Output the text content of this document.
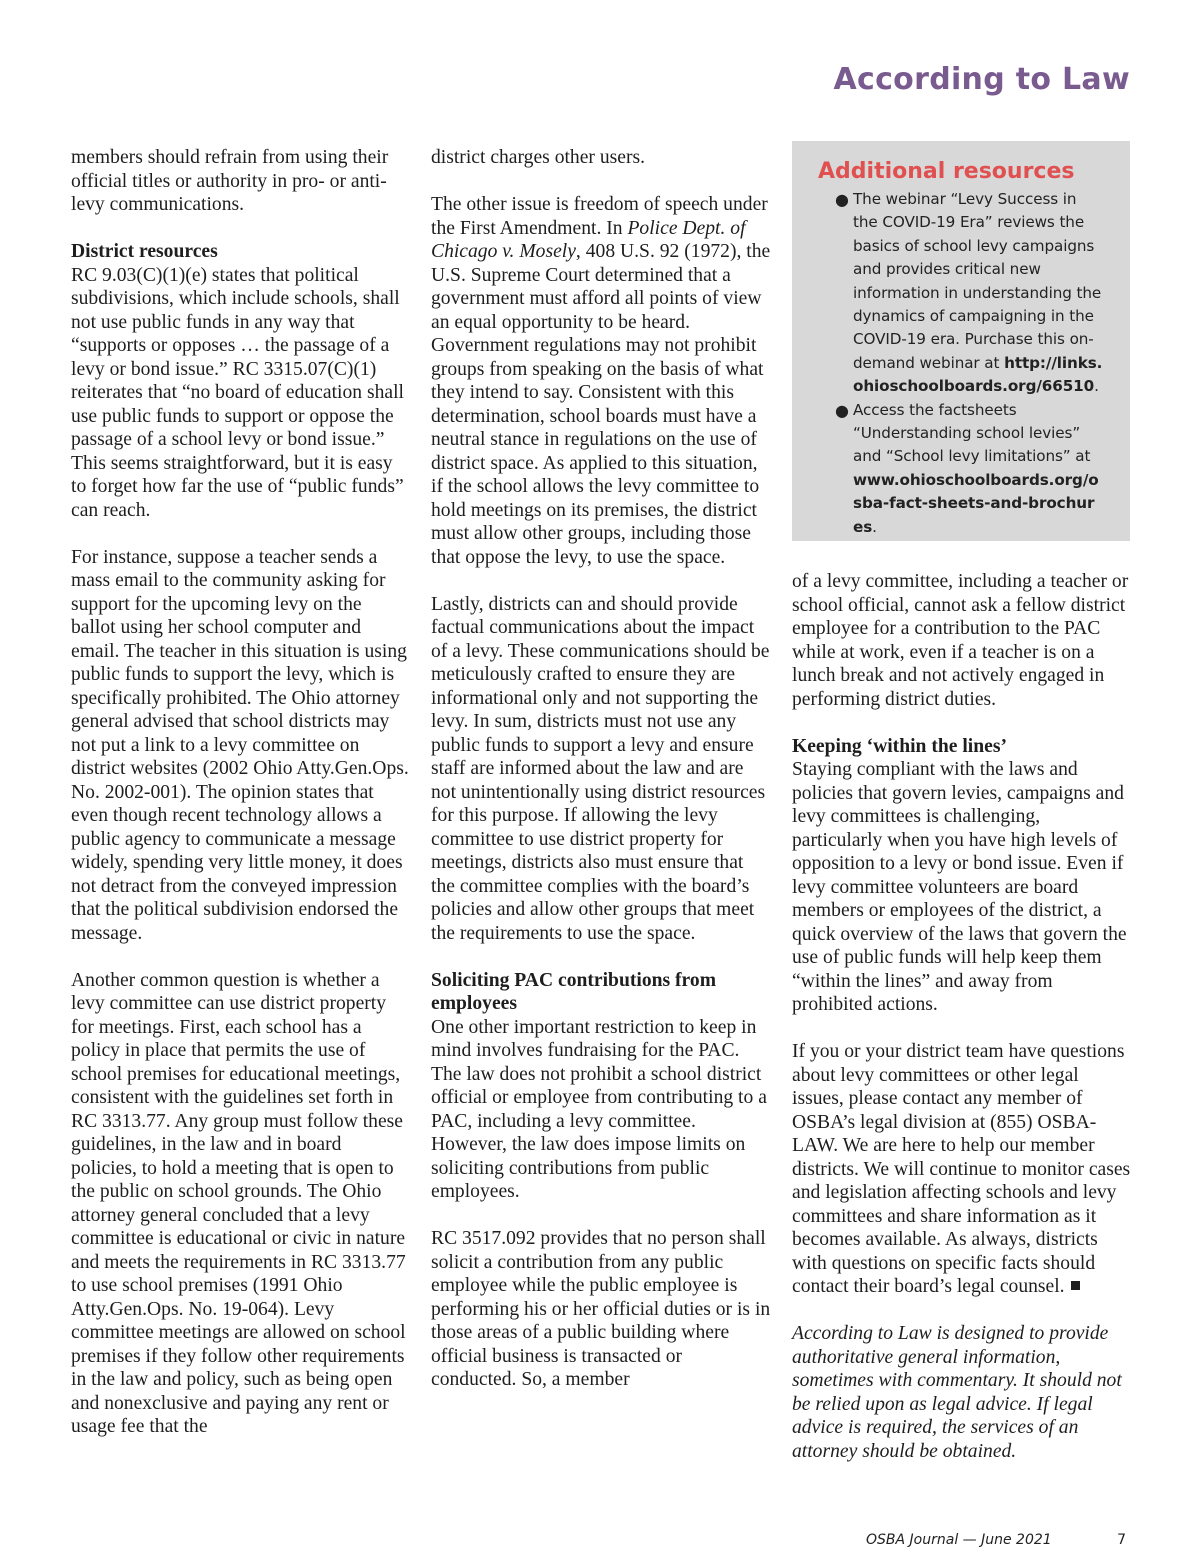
According to Law

members should refrain from using their official titles or authority in pro- or anti-levy communications.

District resources

RC 9.03(C)(1)(e) states that political subdivisions, which include schools, shall not use public funds in any way that “supports or opposes … the passage of a levy or bond issue.” RC 3315.07(C)(1) reiterates that “no board of education shall use public funds to support or oppose the passage of a school levy or bond issue.” This seems straightforward, but it is easy to forget how far the use of “public funds” can reach.

For instance, suppose a teacher sends a mass email to the community asking for support for the upcoming levy on the ballot using her school computer and email. The teacher in this situation is using public funds to support the levy, which is specifically prohibited. The Ohio attorney general advised that school districts may not put a link to a levy committee on district websites (2002 Ohio Atty.Gen.Ops. No. 2002-001). The opinion states that even though recent technology allows a public agency to communicate a message widely, spending very little money, it does not detract from the conveyed impression that the political subdivision endorsed the message.

Another common question is whether a levy committee can use district property for meetings. First, each school has a policy in place that permits the use of school premises for educational meetings, consistent with the guidelines set forth in RC 3313.77. Any group must follow these guidelines, in the law and in board policies, to hold a meeting that is open to the public on school grounds. The Ohio attorney general concluded that a levy committee is educational or civic in nature and meets the requirements in RC 3313.77 to use school premises (1991 Ohio Atty.Gen.Ops. No. 19-064). Levy committee meetings are allowed on school premises if they follow other requirements in the law and policy, such as being open and nonexclusive and paying any rent or usage fee that the

district charges other users.

The other issue is freedom of speech under the First Amendment. In Police Dept. of Chicago v. Mosely, 408 U.S. 92 (1972), the U.S. Supreme Court determined that a government must afford all points of view an equal opportunity to be heard. Government regulations may not prohibit groups from speaking on the basis of what they intend to say. Consistent with this determination, school boards must have a neutral stance in regulations on the use of district space. As applied to this situation, if the school allows the levy committee to hold meetings on its premises, the district must allow other groups, including those that oppose the levy, to use the space.

Lastly, districts can and should provide factual communications about the impact of a levy. These communications should be meticulously crafted to ensure they are informational only and not supporting the levy. In sum, districts must not use any public funds to support a levy and ensure staff are informed about the law and are not unintentionally using district resources for this purpose. If allowing the levy committee to use district property for meetings, districts also must ensure that the committee complies with the board’s policies and allow other groups that meet the requirements to use the space.

Soliciting PAC contributions from employees

One other important restriction to keep in mind involves fundraising for the PAC. The law does not prohibit a school district official or employee from contributing to a PAC, including a levy committee. However, the law does impose limits on soliciting contributions from public employees.

RC 3517.092 provides that no person shall solicit a contribution from any public employee while the public employee is performing his or her official duties or is in those areas of a public building where official business is transacted or conducted. So, a member

Additional resources
● The webinar “Levy Success in the COVID-19 Era” reviews the basics of school levy campaigns and provides critical new information in understanding the dynamics of campaigning in the COVID-19 era. Purchase this on-demand webinar at http://links.ohioschoolboards.org/66510.
● Access the factsheets “Understanding school levies” and “School levy limitations” at www.ohioschoolboards.org/osba-fact-sheets-and-brochures.

of a levy committee, including a teacher or school official, cannot ask a fellow district employee for a contribution to the PAC while at work, even if a teacher is on a lunch break and not actively engaged in performing district duties.

Keeping ‘within the lines’

Staying compliant with the laws and policies that govern levies, campaigns and levy committees is challenging, particularly when you have high levels of opposition to a levy or bond issue. Even if levy committee volunteers are board members or employees of the district, a quick overview of the laws that govern the use of public funds will help keep them “within the lines” and away from prohibited actions.

If you or your district team have questions about levy committees or other legal issues, please contact any member of OSBA’s legal division at (855) OSBA-LAW. We are here to help our member districts. We will continue to monitor cases and legislation affecting schools and levy committees and share information as it becomes available. As always, districts with questions on specific facts should contact their board’s legal counsel.

According to Law is designed to provide authoritative general information, sometimes with commentary. It should not be relied upon as legal advice. If legal advice is required, the services of an attorney should be obtained.

OSBA Journal — June 2021	7
